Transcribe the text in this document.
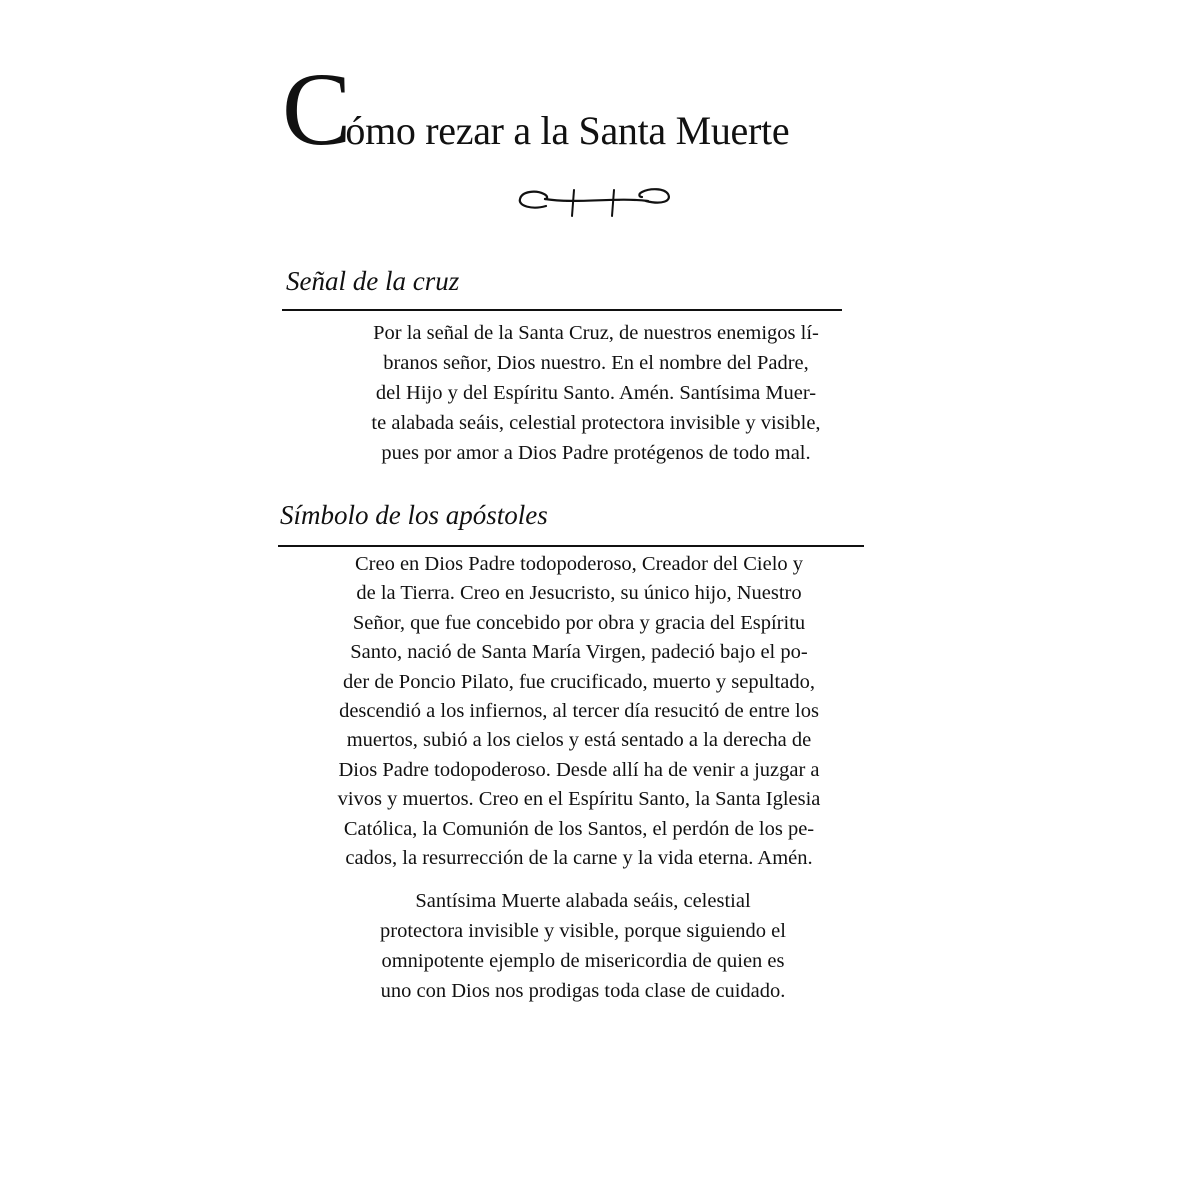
Cómo rezar a la Santa Muerte
Señal de la cruz

Por la señal de la Santa Cruz, de nuestros enemigos lí-
branos señor, Dios nuestro. En el nombre del Padre,
del Hijo y del Espíritu Santo. Amén. Santísima Muer-
te alabada seáis, celestial protectora invisible y visible,
pues por amor a Dios Padre protégenos de todo mal.

Símbolo de los apóstoles

Creo en Dios Padre todopoderoso, Creador del Cielo y
de la Tierra. Creo en Jesucristo, su único hijo, Nuestro
Señor, que fue concebido por obra y gracia del Espíritu
Santo, nació de Santa María Virgen, padeció bajo el po-
der de Poncio Pilato, fue crucificado, muerto y sepultado,
descendió a los infiernos, al tercer día resucitó de entre los
muertos, subió a los cielos y está sentado a la derecha de
Dios Padre todopoderoso. Desde allí ha de venir a juzgar a
vivos y muertos. Creo en el Espíritu Santo, la Santa Iglesia
Católica, la Comunión de los Santos, el perdón de los pe-
cados, la resurrección de la carne y la vida eterna. Amén.

Santísima Muerte alabada seáis, celestial
protectora invisible y visible, porque siguiendo el
omnipotente ejemplo de misericordia de quien es
uno con Dios nos prodigas toda clase de cuidado.
